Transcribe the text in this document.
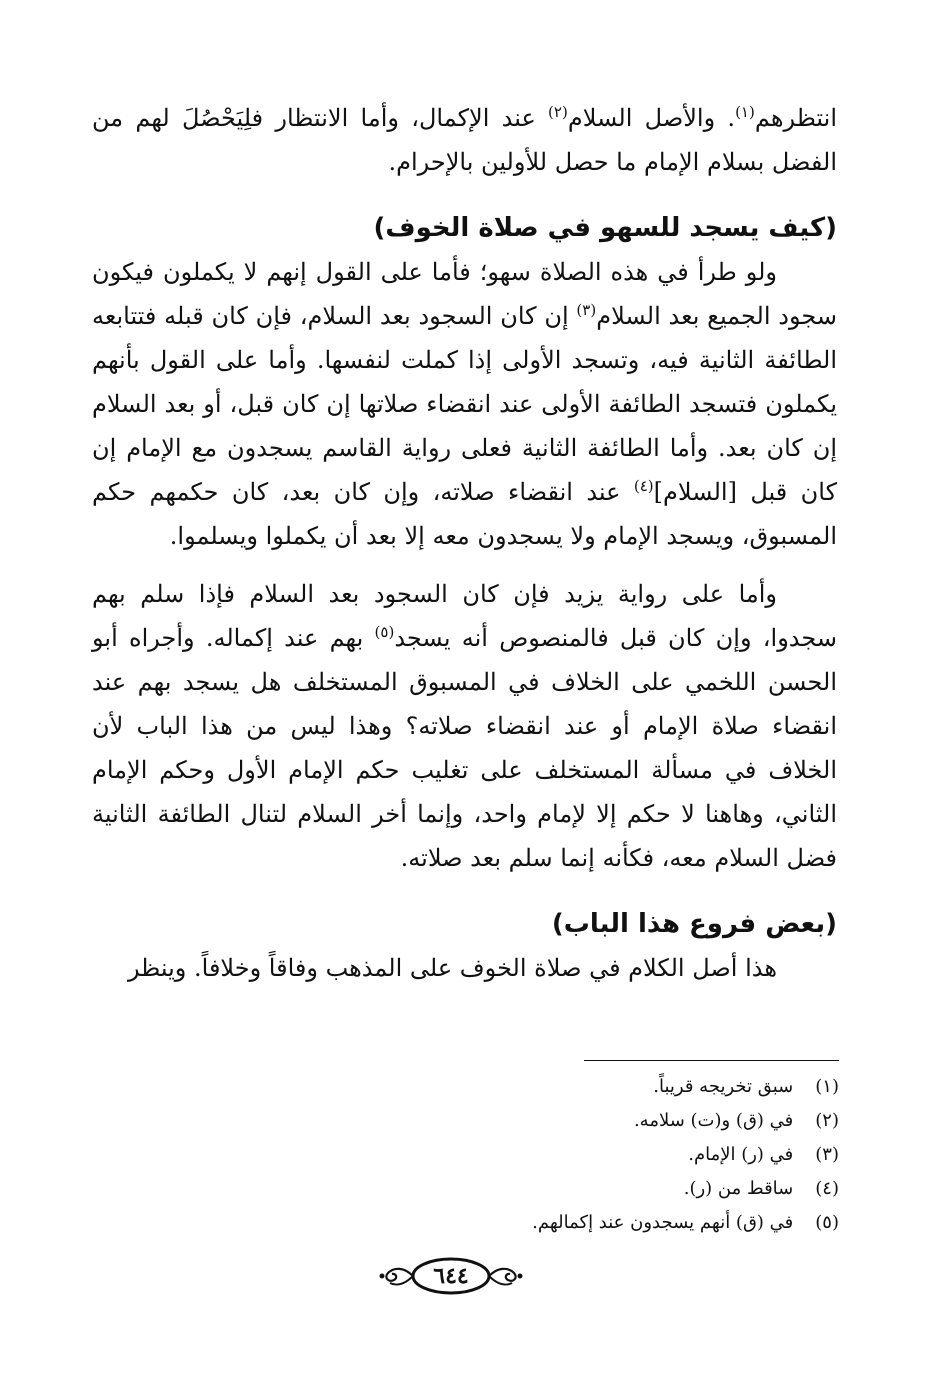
انتظرهم$^{(١)}$. والأصل السلام$^{(٢)}$ عند الإكمال، وأما الانتظار فلِيَحْصُلَ لهم من الفضل بسلام الإمام ما حصل للأولين بالإحرام.

(كيف يسجد للسهو في صلاة الخوف)

ولو طرأ في هذه الصلاة سهو؛ فأما على القول إنهم لا يكملون فيكون سجود الجميع بعد السلام$^{(٣)}$ إن كان السجود بعد السلام، فإن كان قبله فتتابعه الطائفة الثانية فيه، وتسجد الأولى إذا كملت لنفسها. وأما على القول بأنهم يكملون فتسجد الطائفة الأولى عند انقضاء صلاتها إن كان قبل، أو بعد السلام إن كان بعد. وأما الطائفة الثانية فعلى رواية القاسم يسجدون مع الإمام إن كان قبل [السلام]$^{(٤)}$ عند انقضاء صلاته، وإن كان بعد، كان حكمهم حكم المسبوق، ويسجد الإمام ولا يسجدون معه إلا بعد أن يكملوا ويسلموا.

وأما على رواية يزيد فإن كان السجود بعد السلام فإذا سلم بهم سجدوا، وإن كان قبل فالمنصوص أنه يسجد$^{(٥)}$ بهم عند إكماله. وأجراه أبو الحسن اللخمي على الخلاف في المسبوق المستخلف هل يسجد بهم عند انقضاء صلاة الإمام أو عند انقضاء صلاته؟ وهذا ليس من هذا الباب لأن الخلاف في مسألة المستخلف على تغليب حكم الإمام الأول وحكم الإمام الثاني، وهاهنا لا حكم إلا لإمام واحد، وإنما أخر السلام لتنال الطائفة الثانية فضل السلام معه، فكأنه إنما سلم بعد صلاته.

(بعض فروع هذا الباب)

هذا أصل الكلام في صلاة الخوف على المذهب وفاقاً وخلافاً. وينظر

(١) سبق تخريجه قريباً.
(٢) في (ق) و(ت) سلامه.
(٣) في (ر) الإمام.
(٤) ساقط من (ر).
(٥) في (ق) أنهم يسجدون عند إكمالهم.
٦٤٤
